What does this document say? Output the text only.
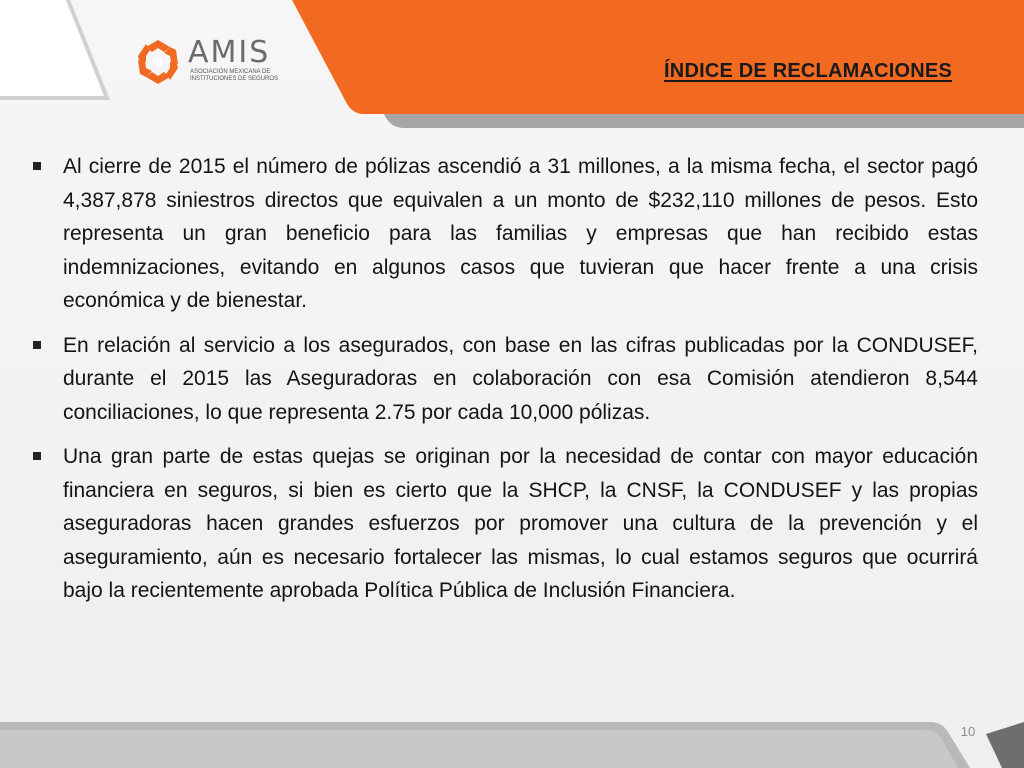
AMIS
ASOCIACIÓN MEXICANA DE
INSTITUCIONES DE SEGUROS	ÍNDICE DE RECLAMACIONES
Al cierre de 2015 el número de pólizas ascendió a 31 millones, a la misma fecha, el sector pagó 4,387,878 siniestros directos que equivalen a un monto de $232,110 millones de pesos. Esto representa un gran beneficio para las familias y empresas que han recibido estas indemnizaciones, evitando en algunos casos que tuvieran que hacer frente a una crisis económica y de bienestar.
En relación al servicio a los asegurados, con base en las cifras publicadas por la CONDUSEF, durante el 2015 las Aseguradoras en colaboración con esa Comisión atendieron 8,544 conciliaciones, lo que representa 2.75 por cada 10,000 pólizas.
Una gran parte de estas quejas se originan por la necesidad de contar con mayor educación financiera en seguros, si bien es cierto que la SHCP, la CNSF, la CONDUSEF y las propias aseguradoras hacen grandes esfuerzos por promover una cultura de la prevención y el aseguramiento, aún es necesario fortalecer las mismas, lo cual estamos seguros que ocurrirá bajo la recientemente aprobada Política Pública de Inclusión Financiera.
10
